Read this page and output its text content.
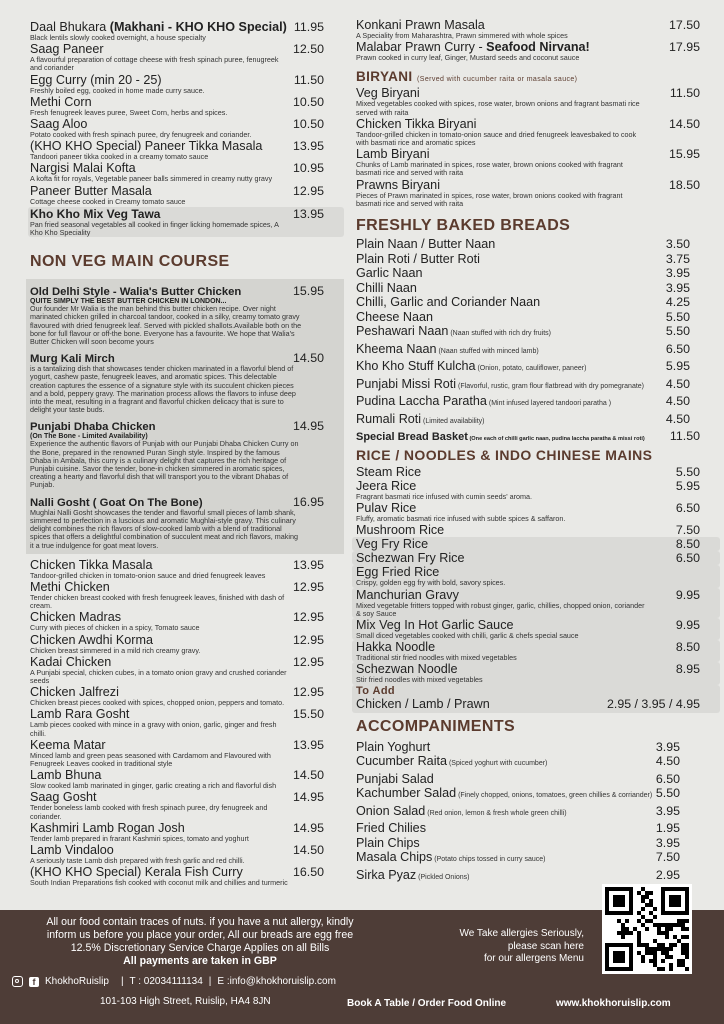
Daal Bhukara (Makhani - KHO KHO Special) 11.95
Black lentils slowly cooked overnight, a house specialty
Saag Paneer	12.50
A flavourful preparation of cottage cheese with fresh spinach puree, fenugreek and coriander
Egg Curry (min 20 - 25)	11.50
Freshly boiled egg, cooked in home made curry sauce.
Methi Corn	10.50
Fresh fenugreek leaves puree, Sweet Corn, herbs and spices.
Saag Aloo	10.50
Potato cooked with fresh spinach puree, dry fenugreek and coriander.
(KHO KHO Special) Paneer Tikka Masala 13.95
Tandoori paneer tikka cooked in a creamy tomato sauce
Nargisi Malai Kofta	10.95
A kofta fit for royals, Vegetable paneer balls simmered in creamy nutty gravy
Paneer Butter Masala	12.95
Cottage cheese cooked in Creamy tomato sauce
Kho Kho Mix Veg Tawa	13.95
Pan fried seasonal vegetables all cooked in finger licking homemade spices, A Kho Kho Speciality
NON VEG MAIN COURSE
Old Delhi Style - Walia's Butter Chicken	15.95
QUITE SIMPLY THE BEST BUTTER CHICKEN IN LONDON...
Our founder Mr Walia is the man behind this butter chicken recipe. Over night marinated chicken grilled in charcoal tandoor, cooked in a silky, creamy tomato gravy flavoured with dried fenugreek leaf. Served with pickled shallots.Available both on the bone for full flavour or off-the bone. Everyone has a favourite. We hope that Walia's Butter Chicken will soon become yours
Murg Kali Mirch	14.50
is a tantalizing dish that showcases tender chicken marinated in a flavorful blend of yogurt, cashew paste, fenugreek leaves, and aromatic spices. This delectable creation captures the essence of a signature style with its succulent chicken pieces and a bold, peppery gravy. The marination process allows the flavors to infuse deep into the meat, resulting in a fragrant and flavorful chicken delicacy that is sure to delight your taste buds.
Punjabi Dhaba Chicken	14.95
(On The Bone - Limited Availability)
Experience the authentic flavors of Punjab with our Punjabi Dhaba Chicken Curry on the Bone, prepared in the renowned Puran Singh style. Inspired by the famous Dhaba in Ambala, this curry is a culinary delight that captures the rich heritage of Punjabi cuisine. Savor the tender, bone-in chicken simmered in aromatic spices, creating a hearty and flavorful dish that will transport you to the vibrant Dhabas of Punjab.
Nalli Gosht ( Goat On The Bone)	16.95
Mughlai Nalli Gosht showcases the tender and flavorful small pieces of lamb shank, simmered to perfection in a luscious and aromatic Mughlai-style gravy. This culinary delight combines the rich flavors of slow-cooked lamb with a blend of traditional spices that offers a delightful combination of succulent meat and rich flavors, making it a true indulgence for goat meat lovers.
Chicken Tikka Masala	13.95
Tandoor-grilled chicken in tomato-onion sauce and dried fenugreek leaves
Methi Chicken	12.95
Tender chicken breast cooked with fresh fenugreek leaves, finished with dash of cream.
Chicken Madras	12.95
Curry with pieces of chicken in a spicy, Tomato sauce
Chicken Awdhi Korma	12.95
Chicken breast simmered in a mild rich creamy gravy.
Kadai Chicken	12.95
A Punjabi special, chicken cubes, in a tomato onion gravy and crushed coriander seeds
Chicken Jalfrezi	12.95
Chicken breast pieces cooked with spices, chopped onion, peppers and tomato.
Lamb Rara Gosht	15.50
Lamb pieces cooked with mince in a gravy with onion, garlic, ginger and fresh chilli.
Keema Matar	13.95
Minced lamb and green peas seasoned with Cardamom and Flavoured with Fenugreek Leaves cooked in traditional style
Lamb Bhuna	14.50
Slow cooked lamb marinated in ginger, garlic creating a rich and flavorful dish
Saag Gosht	14.95
Tender boneless lamb cooked with fresh spinach puree, dry fenugreek and coriander.
Kashmiri Lamb Rogan Josh	14.95
Tender lamb prepared in frarant Kashmiri spices, tomato and yoghurt
Lamb Vindaloo	14.50
A seriously taste Lamb dish prepared with fresh garlic and red chilli.
(KHO KHO Special) Kerala Fish Curry	16.50
South Indian Preparations fish cooked with coconut milk and chillies and turmeric
Konkani Prawn Masala	17.50
A Speciality from Maharashtra, Prawn simmered with whole spices
Malabar Prawn Curry - Seafood Nirvana!	17.95
Prawn cooked in curry leaf, Ginger, Mustard seeds and coconut sauce
BIRYANI (Served with cucumber raita or masala sauce)
Veg Biryani	11.50
Mixed vegetables cooked with spices, rose water, brown onions and fragrant basmati rice served with raita
Chicken Tikka Biryani	14.50
Tandoor-grilled chicken in tomato-onion sauce and dried fenugreek leavesbaked to cook with basmati rice and aromatic spices
Lamb Biryani	15.95
Chunks of Lamb marinated in spices, rose water, brown onions cooked with fragrant basmati rice and served with raita
Prawns Biryani	18.50
Pieces of Prawn marinated in spices, rose water, brown onions cooked with fragrant basmati rice and served with raita
FRESHLY BAKED BREADS
Plain Naan / Butter Naan	3.50
Plain Roti / Butter Roti	3.75
Garlic Naan	3.95
Chilli Naan	3.95
Chilli, Garlic and Coriander Naan	4.25
Cheese Naan	5.50
Peshawari Naan (Naan stuffed with rich dry fruits)	5.50
Kheema Naan (Naan stuffed with minced lamb)	6.50
Kho Kho Stuff Kulcha (Onion, potato, cauliflower, paneer)	5.95
Punjabi Missi Roti (Flavorful, rustic, gram flour flatbread with dry pomegranate) 4.50
Pudina Laccha Paratha (Mint infused layered tandoori paratha )	4.50
Rumali Roti (Limited availability)	4.50
Special Bread Basket (One each of chilli garlic naan, pudina laccha paratha & missi roti) 11.50
RICE / NOODLES & INDO CHINESE MAINS
Steam Rice	5.50
Jeera Rice	5.95
Fragrant basmati rice infused with cumin seeds' aroma.
Pulav Rice	6.50
Fluffy, aromatic basmati rice infused with subtle spices & saffaron.
Mushroom Rice	7.50
Veg Fry Rice	8.50
Schezwan Fry Rice	6.50
Egg Fried Rice
Crispy, golden egg fry with bold, savory spices.
Manchurian Gravy	9.95
Mixed vegetable fritters topped with robust ginger, garlic, chillies, chopped onion, coriander & soy Sauce
Mix Veg In Hot Garlic Sauce	9.95
Small diced vegetables cooked with chilli, garlic & chefs special sauce
Hakka Noodle	8.50
Traditional stir fried noodles with mixed vegetables
Schezwan Noodle	8.95
Stir fried noodles with mixed vegetables
To Add
Chicken / Lamb / Prawn	2.95 / 3.95 / 4.95
ACCOMPANIMENTS
Plain Yoghurt	3.95
Cucumber Raita (Spiced yoghurt with cucumber)	4.50
Punjabi Salad	6.50
Kachumber Salad (Finely chopped, onions, tomatoes, green chillies & corriander) 5.50
Onion Salad (Red onion, lemon & fresh whole green chilli)	3.95
Fried Chilies	1.95
Plain Chips	3.95
Masala Chips (Potato chips tossed in curry sauce)	7.50
Sirka Pyaz (Pickled Onions)	2.95
All our food contain traces of nuts. if you have a nut allergy, kindly
inform us before you place your order, All our breads are egg free
12.5% Discretionary Service Charge Applies on all Bills
All payments are taken in GBP
We Take allergies Seriously,
please scan here
for our allergens Menu
f KhokhoRuislip | T : 02034111134 | E :info@khokhoruislip.com
101-103 High Street, Ruislip, HA4 8JN	Book A Table / Order Food Online	www.khokhoruislip.com
